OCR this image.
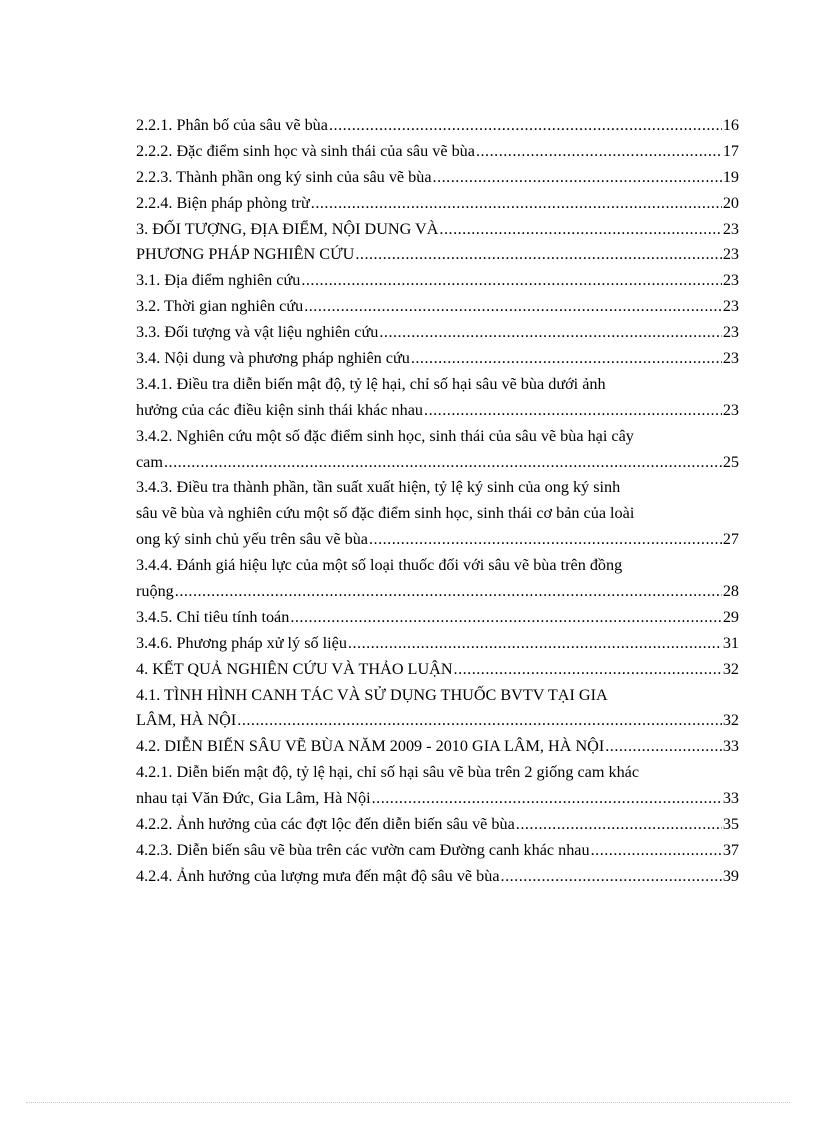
2.2.1. Phân bố của sâu vẽ bùa .....	16
2.2.2. Đặc điểm sinh học và sinh thái của sâu vẽ bùa .....	17
2.2.3. Thành phần ong ký sinh của sâu vẽ bùa .....	19
2.2.4. Biện pháp phòng trừ .....	20
3. ĐỐI TƯỢNG, ĐỊA ĐIỂM, NỘI DUNG VÀ .....	23
PHƯƠNG PHÁP NGHIÊN CỨU .....	23
3.1. Địa điểm nghiên cứu .....	23
3.2. Thời gian nghiên cứu .....	23
3.3. Đối tượng và vật liệu nghiên cứu .....	23
3.4. Nội dung và phương pháp nghiên cứu .....	23
3.4.1. Điều tra diễn biến mật độ, tỷ lệ hại, chỉ số hại sâu vẽ bùa dưới ảnh
hưởng của các điều kiện sinh thái khác nhau .....	23
3.4.2. Nghiên cứu một số đặc điểm sinh học, sinh thái của sâu vẽ bùa hại cây
cam .....	25
3.4.3. Điều tra thành phần, tần suất xuất hiện, tỷ lệ ký sinh của ong ký sinh
sâu vẽ bùa và nghiên cứu một số đặc điểm sinh học, sinh thái cơ bản của loài
ong ký sinh chủ yếu trên sâu vẽ bùa .....	27
3.4.4. Đánh giá hiệu lực của một số loại thuốc đối với sâu vẽ bùa trên đồng
ruộng .....	28
3.4.5. Chỉ tiêu tính toán .....	29
3.4.6. Phương pháp xử lý số liệu .....	31
4. KẾT QUẢ NGHIÊN CỨU VÀ THẢO LUẬN .....	32
4.1. TÌNH HÌNH CANH TÁC VÀ SỬ DỤNG THUỐC BVTV TẠI GIA
LÂM, HÀ NỘI .....	32
4.2. DIỄN BIẾN SÂU VẼ BÙA NĂM 2009 - 2010 GIA LÂM, HÀ NỘI .....	33
4.2.1. Diễn biến mật độ, tỷ lệ hại, chỉ số hại sâu vẽ bùa trên 2 giống cam khác
nhau tại Văn Đức, Gia Lâm, Hà Nội .....	33
4.2.2. Ảnh hưởng của các đợt lộc đến diễn biến sâu vẽ bùa .....	35
4.2.3. Diễn biến sâu vẽ bùa trên các vườn cam Đường canh khác nhau .....	37
4.2.4. Ảnh hưởng của lượng mưa đến mật độ sâu vẽ bùa .....	39
